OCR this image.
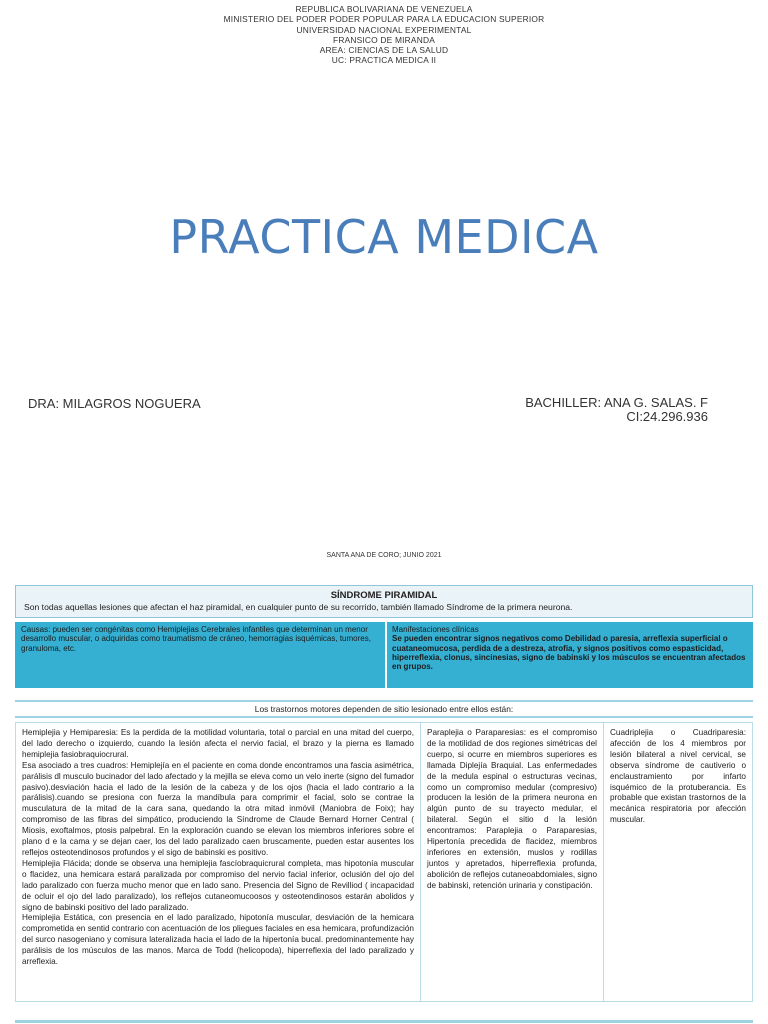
REPUBLICA BOLIVARIANA DE VENEZUELA
MINISTERIO DEL PODER PODER POPULAR PARA LA EDUCACION SUPERIOR
UNIVERSIDAD NACIONAL EXPERIMENTAL
FRANSICO DE MIRANDA
AREA: CIENCIAS DE LA SALUD
UC: PRACTICA MEDICA II
PRACTICA MEDICA
DRA: MILAGROS NOGUERA	BACHILLER: ANA G. SALAS. F
CI:24.296.936
SANTA ANA DE CORO; JUNIO 2021
SÍNDROME PIRAMIDAL
Son todas aquellas lesiones que afectan el haz piramidal, en cualquier punto de su recorrido, también llamado Síndrome de la primera neurona.
Causas: pueden ser congénitas como Hemiplejias Cerebrales infantiles que determinan un menor desarrollo muscular, o adquiridas como traumatismo de cráneo, hemorragias isquémicas, tumores, granuloma, etc.
Manifestaciones clínicas
Se pueden encontrar signos negativos como Debilidad o paresia, arreflexia superficial o cuataneomucosa, perdida de a destreza, atrofia, y signos positivos como espasticidad, hiperreflexia, clonus, sincinesias, signo de babinski y los músculos se encuentran afectados en grupos.
Los trastornos motores dependen de sitio lesionado entre ellos están:

Hemiplejia y Hemiparesia: Es la perdida de la motilidad voluntaria, total o parcial en una mitad del cuerpo, del lado derecho o izquierdo, cuando la lesión afecta el nervio facial, el brazo y la pierna es llamado hemiplejia fasiobraquiocrural.

Esa asociado a tres cuadros: Hemiplejía en el paciente en coma donde encontramos una fascia asimétrica, parálisis dl musculo bucinador del lado afectado y la mejilla se eleva como un velo inerte (signo del fumador pasivo).desviación hacia el lado de la lesión de la cabeza y de los ojos (hacia el lado contrario a la parálisis).cuando se presiona con fuerza la mandíbula para comprimir el facial, solo se contrae la musculatura de la mitad de la cara sana, quedando la otra mitad inmóvil (Maniobra de Foix); hay compromiso de las fibras del simpático, produciendo la Síndrome de Claude Bernard Horner Central ( Miosis, exoftalmos, ptosis palpebral. En la exploración cuando se elevan los miembros inferiores sobre el plano d e la cama y se dejan caer, los del lado paralizado caen bruscamente, pueden estar ausentes los reflejos osteotendinosos profundos y el sigo de babinski es positivo.

Hemiplejia Flácida; donde se observa una hemiplejia fascíobraquicrural completa, mas hipotonía muscular o flacidez, una hemicara estará paralizada por compromiso del nervio facial inferior, oclusión del ojo del lado paralizado con fuerza mucho menor que en lado sano. Presencia del Signo de Revilliod ( incapacidad de ocluir el ojo del lado paralizado), los reflejos cutaneomucoosos y osteotendinosos estarán abolidos y signo de babinski positivo del lado paralizado.

Hemiplejia Estática, con presencia en el lado paralizado, hipotonía muscular, desviación de la hemicara comprometida en sentid contrario con acentuación de los pliegues faciales en esa hemicara, profundización del surco nasogeniano y comisura lateralizada hacia el lado de la hipertonía bucal. predominantemente hay parálisis de los músculos de las manos. Marca de Todd (helicopoda), hiperreflexia del lado paralizado y arreflexia.

Paraplejia o Paraparesias: es el compromiso de la motilidad de dos regiones simétricas del cuerpo, si ocurre en miembros superiores es llamada Diplejía Braquial. Las enfermedades de la medula espinal o estructuras vecinas, como un compromiso medular (compresivo) producen la lesión de la primera neurona en algún punto de su trayecto medular, el bilateral. Según el sitio d la lesión encontramos: Paraplejia o Paraparesias, Hipertonía precedida de flacidez, miembros inferiores en extensión, muslos y rodillas juntos y apretados, hiperreflexia profunda, abolición de reflejos cutaneoabdomiales, signo de babinski, retención urinaria y constipación.

Cuadriplejia o Cuadriparesia: afección de los 4 miembros por lesión bilateral a nivel cervical, se observa síndrome de cautiverio o enclaustramiento por infarto isquémico de la protuberancia. Es probable que existan trastornos de la mecánica respiratoria por afección muscular.
